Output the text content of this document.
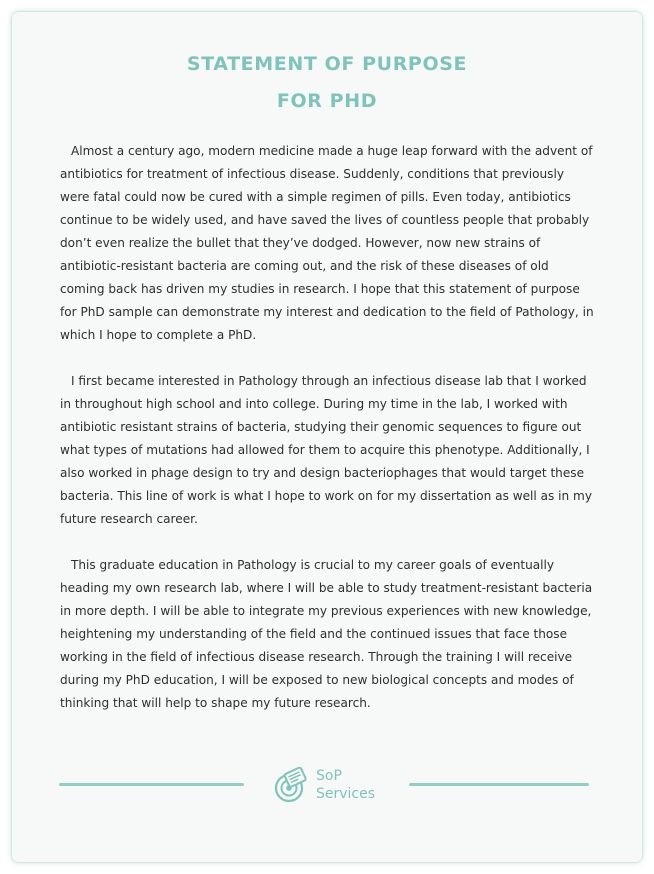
STATEMENT OF PURPOSE
FOR PHD

Almost a century ago, modern medicine made a huge leap forward with the advent of antibiotics for treatment of infectious disease. Suddenly, conditions that previously were fatal could now be cured with a simple regimen of pills. Even today, antibiotics continue to be widely used, and have saved the lives of countless people that probably don’t even realize the bullet that they’ve dodged. However, now new strains of antibiotic-resistant bacteria are coming out, and the risk of these diseases of old coming back has driven my studies in research. I hope that this statement of purpose for PhD sample can demonstrate my interest and dedication to the field of Pathology, in which I hope to complete a PhD.

I first became interested in Pathology through an infectious disease lab that I worked in throughout high school and into college. During my time in the lab, I worked with antibiotic resistant strains of bacteria, studying their genomic sequences to figure out what types of mutations had allowed for them to acquire this phenotype. Additionally, I also worked in phage design to try and design bacteriophages that would target these bacteria. This line of work is what I hope to work on for my dissertation as well as in my future research career.

This graduate education in Pathology is crucial to my career goals of eventually heading my own research lab, where I will be able to study treatment-resistant bacteria in more depth. I will be able to integrate my previous experiences with new knowledge, heightening my understanding of the field and the continued issues that face those working in the field of infectious disease research. Through the training I will receive during my PhD education, I will be exposed to new biological concepts and modes of thinking that will help to shape my future research.

SoP
Services
